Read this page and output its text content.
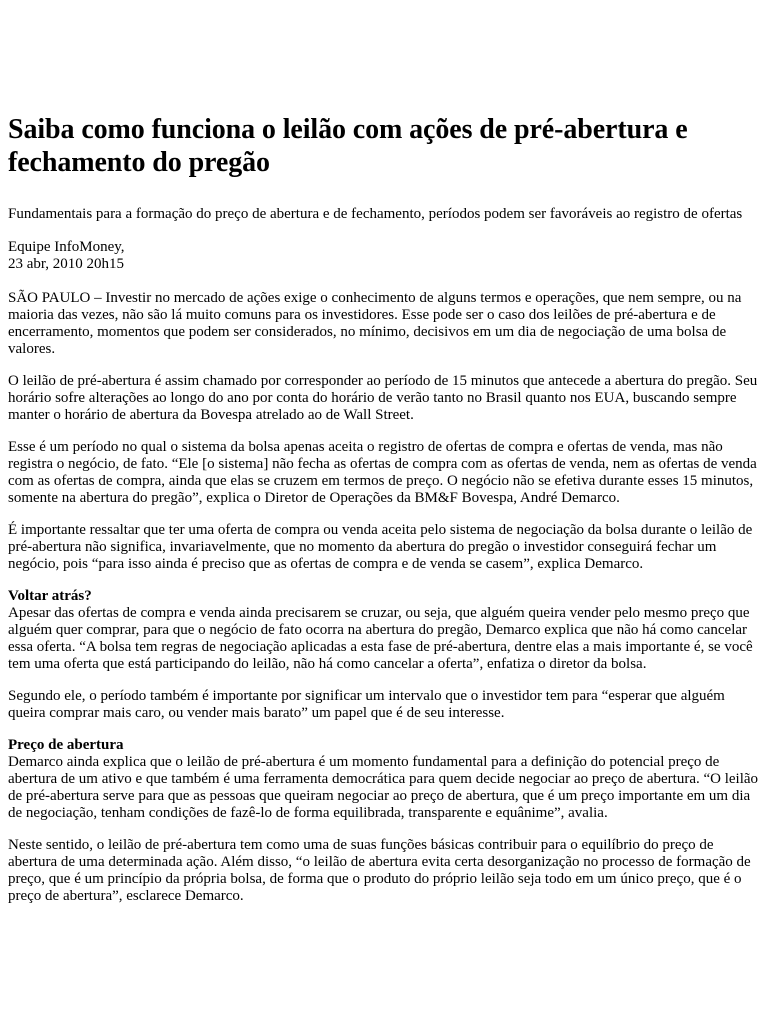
Saiba como funciona o leilão com ações de pré-abertura e fechamento do pregão
Fundamentais para a formação do preço de abertura e de fechamento, períodos podem ser favoráveis ao registro de ofertas
Equipe InfoMoney,
23 abr, 2010 20h15
SÃO PAULO – Investir no mercado de ações exige o conhecimento de alguns termos e operações, que nem sempre, ou na maioria das vezes, não são lá muito comuns para os investidores. Esse pode ser o caso dos leilões de pré-abertura e de encerramento, momentos que podem ser considerados, no mínimo, decisivos em um dia de negociação de uma bolsa de valores.
O leilão de pré-abertura é assim chamado por corresponder ao período de 15 minutos que antecede a abertura do pregão. Seu horário sofre alterações ao longo do ano por conta do horário de verão tanto no Brasil quanto nos EUA, buscando sempre manter o horário de abertura da Bovespa atrelado ao de Wall Street.
Esse é um período no qual o sistema da bolsa apenas aceita o registro de ofertas de compra e ofertas de venda, mas não registra o negócio, de fato. “Ele [o sistema] não fecha as ofertas de compra com as ofertas de venda, nem as ofertas de venda com as ofertas de compra, ainda que elas se cruzem em termos de preço. O negócio não se efetiva durante esses 15 minutos, somente na abertura do pregão”, explica o Diretor de Operações da BM&F Bovespa, André Demarco.
É importante ressaltar que ter uma oferta de compra ou venda aceita pelo sistema de negociação da bolsa durante o leilão de pré-abertura não significa, invariavelmente, que no momento da abertura do pregão o investidor conseguirá fechar um negócio, pois “para isso ainda é preciso que as ofertas de compra e de venda se casem”, explica Demarco.
Voltar atrás?
Apesar das ofertas de compra e venda ainda precisarem se cruzar, ou seja, que alguém queira vender pelo mesmo preço que alguém quer comprar, para que o negócio de fato ocorra na abertura do pregão, Demarco explica que não há como cancelar essa oferta. “A bolsa tem regras de negociação aplicadas a esta fase de pré-abertura, dentre elas a mais importante é, se você tem uma oferta que está participando do leilão, não há como cancelar a oferta”, enfatiza o diretor da bolsa.
Segundo ele, o período também é importante por significar um intervalo que o investidor tem para “esperar que alguém queira comprar mais caro, ou vender mais barato” um papel que é de seu interesse.
Preço de abertura
Demarco ainda explica que o leilão de pré-abertura é um momento fundamental para a definição do potencial preço de abertura de um ativo e que também é uma ferramenta democrática para quem decide negociar ao preço de abertura. “O leilão de pré-abertura serve para que as pessoas que queiram negociar ao preço de abertura, que é um preço importante em um dia de negociação, tenham condições de fazê-lo de forma equilibrada, transparente e equânime”, avalia.
Neste sentido, o leilão de pré-abertura tem como uma de suas funções básicas contribuir para o equilíbrio do preço de abertura de uma determinada ação. Além disso, “o leilão de abertura evita certa desorganização no processo de formação de preço, que é um princípio da própria bolsa, de forma que o produto do próprio leilão seja todo em um único preço, que é o preço de abertura”, esclarece Demarco.
